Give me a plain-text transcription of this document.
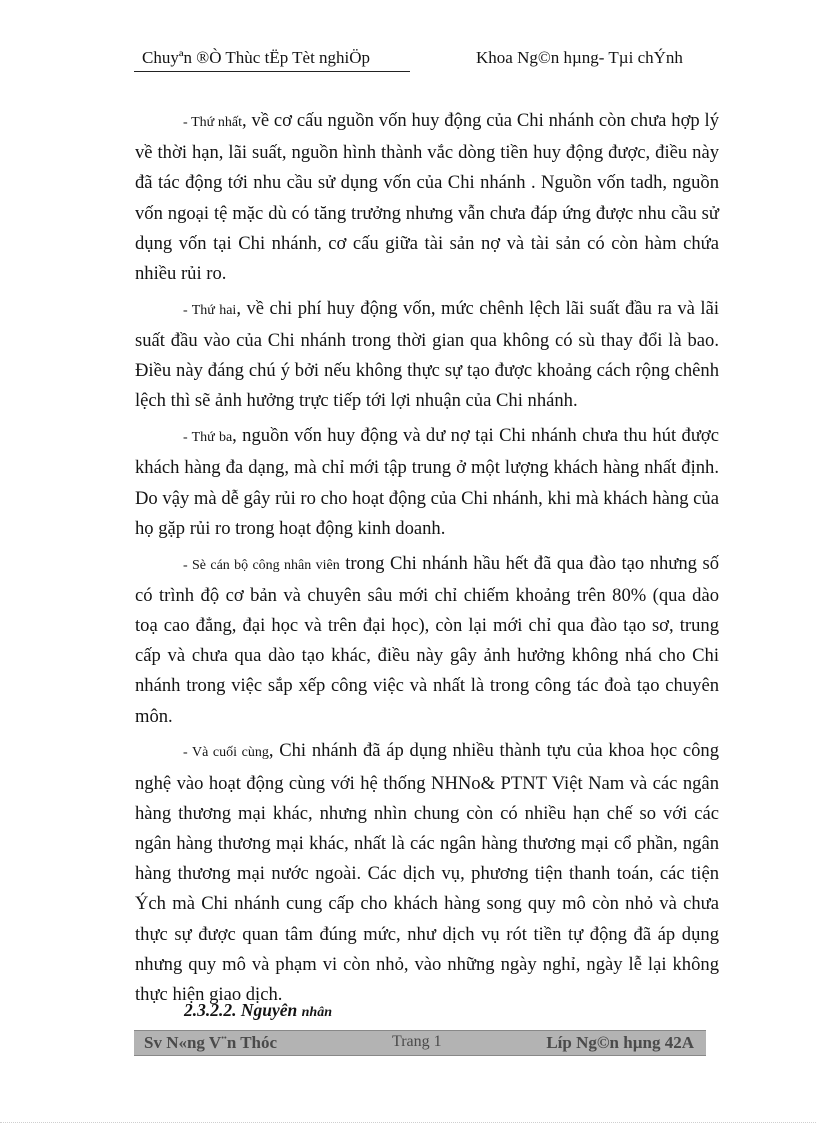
Chuyªn ®Ò Thùc tËp Tèt nghiÖp	Khoa Ng©n hµng- Tµi chÝnh

- Thứ nhất, về cơ cấu nguồn vốn huy động của Chi nhánh còn chưa hợp lý về thời hạn, lãi suất, nguồn hình thành vắc dòng tiền huy động được, điều này đã tác động tới nhu cầu sử dụng vốn của Chi nhánh . Nguồn vốn tadh, nguồn vốn ngoại tệ mặc dù có tăng trưởng nhưng vẫn chưa đáp ứng được nhu cầu sử dụng vốn tại Chi nhánh, cơ cấu giữa tài sản nợ và tài sản có còn hàm chứa nhiều rủi ro.

- Thứ hai, về chi phí huy động vốn, mức chênh lệch lãi suất đầu ra và lãi suất đầu vào của Chi nhánh trong thời gian qua không có sù thay đổi là bao. Điều này đáng chú ý bởi nếu không thực sự tạo được khoảng cách rộng chênh lệch thì sẽ ảnh hưởng trực tiếp tới lợi nhuận của Chi nhánh.

- Thứ ba, nguồn vốn huy động và dư nợ tại Chi nhánh chưa thu hút được khách hàng đa dạng, mà chỉ mới tập trung ở một lượng khách hàng nhất định. Do vậy mà dễ gây rủi ro cho hoạt động của Chi nhánh, khi mà khách hàng của họ gặp rủi ro trong hoạt động kinh doanh.

- Sè cán bộ công nhân viên trong Chi nhánh hầu hết đã qua đào tạo nhưng số có trình độ cơ bản và chuyên sâu mới chỉ chiếm khoảng trên 80% (qua dào toạ cao đẳng, đại học và trên đại học), còn lại mới chỉ qua đào tạo sơ, trung cấp và chưa qua dào tạo khác, điều này gây ảnh hưởng không nhá cho Chi nhánh trong việc sắp xếp công việc và nhất là trong công tác đoà tạo chuyên môn.

- Và cuối cùng, Chi nhánh đã áp dụng nhiều thành tựu của khoa học công nghệ vào hoạt động cùng với hệ thống NHNo& PTNT Việt Nam và các ngân hàng thương mại khác, nhưng nhìn chung còn có nhiều hạn chế so với các ngân hàng thương mại khác, nhất là các ngân hàng thương mại cổ phần, ngân hàng thương mại nước ngoài. Các dịch vụ, phương tiện thanh toán, các tiện Ých mà Chi nhánh cung cấp cho khách hàng song quy mô còn nhỏ và chưa thực sự được quan tâm đúng mức, như dịch vụ rót tiền tự động đã áp dụng nhưng quy mô và phạm vi còn nhỏ, vào những ngày nghỉ, ngày lễ lại không thực hiện giao dịch.

2.3.2.2. Nguyên nhân
Sv N«ng V¨n Thóc	Trang 1	Líp Ng©n hµng 42A
